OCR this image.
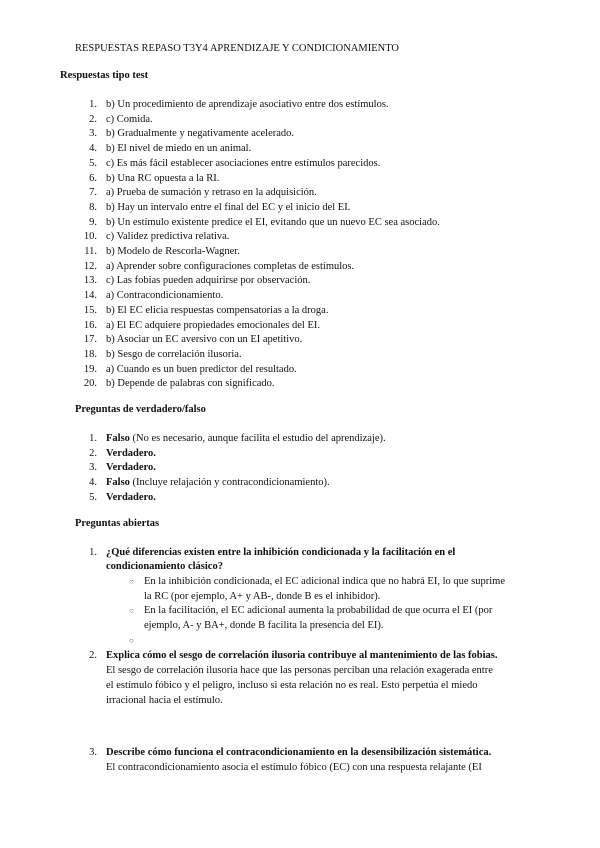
RESPUESTAS REPASO T3Y4 APRENDIZAJE Y CONDICIONAMIENTO
Respuestas tipo test
1. b) Un procedimiento de aprendizaje asociativo entre dos estímulos.
2. c) Comida.
3. b) Gradualmente y negativamente acelerado.
4. b) El nivel de miedo en un animal.
5. c) Es más fácil establecer asociaciones entre estímulos parecidos.
6. b) Una RC opuesta a la RI.
7. a) Prueba de sumación y retraso en la adquisición.
8. b) Hay un intervalo entre el final del EC y el inicio del EI.
9. b) Un estímulo existente predice el EI, evitando que un nuevo EC sea asociado.
10. c) Validez predictiva relativa.
11. b) Modelo de Rescorla-Wagner.
12. a) Aprender sobre configuraciones completas de estímulos.
13. c) Las fobias pueden adquirirse por observación.
14. a) Contracondicionamiento.
15. b) El EC elicia respuestas compensatorias a la droga.
16. a) El EC adquiere propiedades emocionales del EI.
17. b) Asociar un EC aversivo con un EI apetitivo.
18. b) Sesgo de correlación ilusoria.
19. a) Cuando es un buen predictor del resultado.
20. b) Depende de palabras con significado.
Preguntas de verdadero/falso
1. Falso (No es necesario, aunque facilita el estudio del aprendizaje).
2. Verdadero.
3. Verdadero.
4. Falso (Incluye relajación y contracondicionamiento).
5. Verdadero.
Preguntas abiertas
1. ¿Qué diferencias existen entre la inhibición condicionada y la facilitación en el
condicionamiento clásico?
○ En la inhibición condicionada, el EC adicional indica que no habrá EI, lo que suprime
la RC (por ejemplo, A+ y AB-, donde B es el inhibidor).
○ En la facilitación, el EC adicional aumenta la probabilidad de que ocurra el EI (por
ejemplo, A- y BA+, donde B facilita la presencia del EI).
○
2. Explica cómo el sesgo de correlación ilusoria contribuye al mantenimiento de las fobias.
El sesgo de correlación ilusoria hace que las personas perciban una relación exagerada entre
el estímulo fóbico y el peligro, incluso si esta relación no es real. Esto perpetúa el miedo
irracional hacia el estímulo.
3. Describe cómo funciona el contracondicionamiento en la desensibilización sistemática.
El contracondicionamiento asocia el estímulo fóbico (EC) con una respuesta relajante (EI
